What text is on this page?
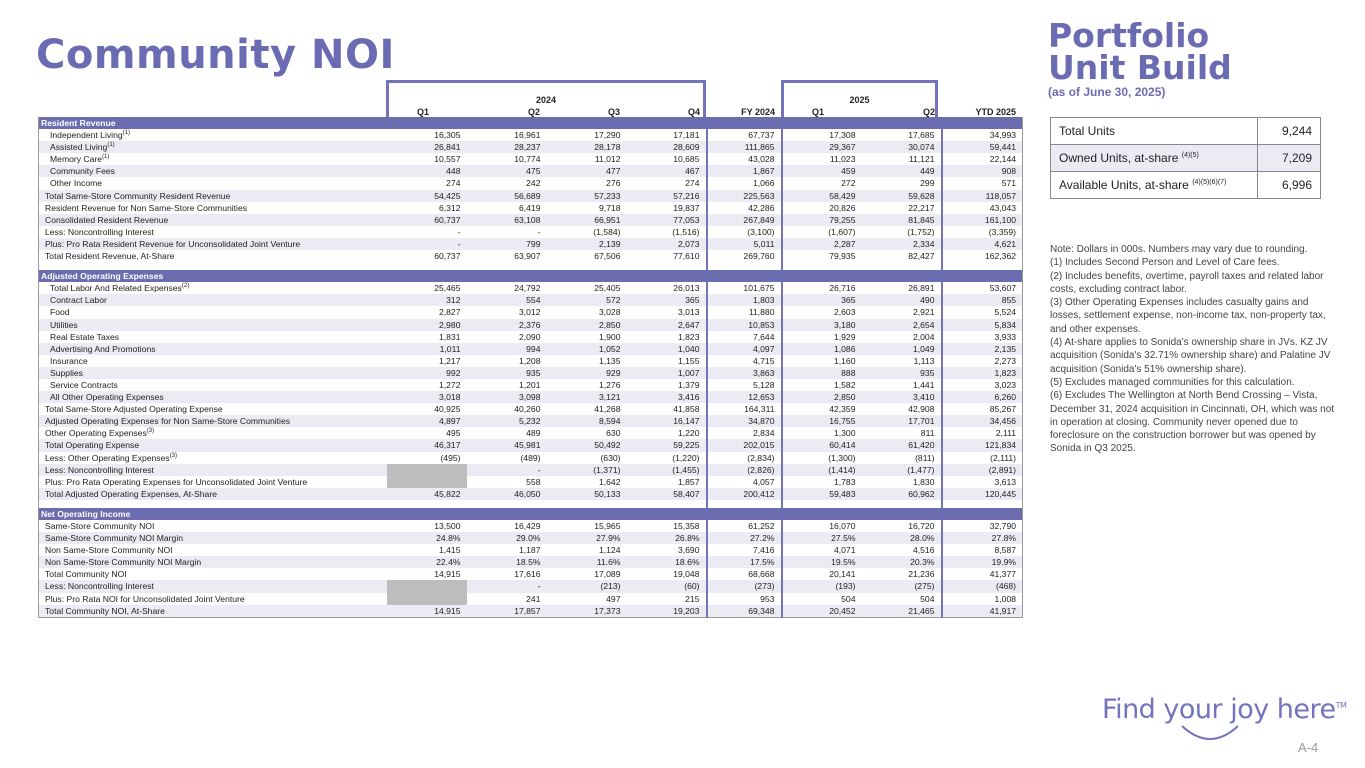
Community NOI
2024	2025
Q1	Q2	Q3	Q4	FY 2024	Q1	Q2	YTD 2025
Resident Revenue								
Independent Living$^{(1)}$	16,305	16,961	17,290	17,181	67,737	17,308	17,685	34,993
Assisted Living$^{(1)}$	26,841	28,237	28,178	28,609	111,865	29,367	30,074	59,441
Memory Care$^{(1)}$	10,557	10,774	11,012	10,685	43,028	11,023	11,121	22,144
Community Fees	448	475	477	467	1,867	459	449	908
Other Income	274	242	276	274	1,066	272	299	571
Total Same-Store Community Resident Revenue	54,425	56,689	57,233	57,216	225,563	58,429	59,628	118,057
Resident Revenue for Non Same-Store Communities	6,312	6,419	9,718	19,837	42,286	20,826	22,217	43,043
Consolidated Resident Revenue	60,737	63,108	66,951	77,053	267,849	79,255	81,845	161,100
Less: Noncontrolling Interest	-	-	(1,584)	(1,516)	(3,100)	(1,607)	(1,752)	(3,359)
Plus: Pro Rata Resident Revenue for Unconsolidated Joint Venture	-	799	2,139	2,073	5,011	2,287	2,334	4,621
Total Resident Revenue, At-Share	60,737	63,907	67,506	77,610	269,760	79,935	82,427	162,362

Adjusted Operating Expenses								
Total Labor And Related Expenses$^{(2)}$	25,465	24,792	25,405	26,013	101,675	26,716	26,891	53,607
Contract Labor	312	554	572	365	1,803	365	490	855
Food	2,827	3,012	3,028	3,013	11,880	2,603	2,921	5,524
Utilities	2,980	2,376	2,850	2,647	10,853	3,180	2,654	5,834
Real Estate Taxes	1,831	2,090	1,900	1,823	7,644	1,929	2,004	3,933
Advertising And Promotions	1,011	994	1,052	1,040	4,097	1,086	1,049	2,135
Insurance	1,217	1,208	1,135	1,155	4,715	1,160	1,113	2,273
Supplies	992	935	929	1,007	3,863	888	935	1,823
Service Contracts	1,272	1,201	1,276	1,379	5,128	1,582	1,441	3,023
All Other Operating Expenses	3,018	3,098	3,121	3,416	12,653	2,850	3,410	6,260
Total Same-Store Adjusted Operating Expense	40,925	40,260	41,268	41,858	164,311	42,359	42,908	85,267
Adjusted Operating Expenses for Non Same-Store Communities	4,897	5,232	8,594	16,147	34,870	16,755	17,701	34,456
Other Operating Expenses$^{(3)}$	495	489	630	1,220	2,834	1,300	811	2,111
Total Operating Expense	46,317	45,981	50,492	59,225	202,015	60,414	61,420	121,834
Less: Other Operating Expenses$^{(3)}$	(495)	(489)	(630)	(1,220)	(2,834)	(1,300)	(811)	(2,111)
Less: Noncontrolling Interest		-	(1,371)	(1,455)	(2,826)	(1,414)	(1,477)	(2,891)
Plus: Pro Rata Operating Expenses for Unconsolidated Joint Venture		558	1,642	1,857	4,057	1,783	1,830	3,613
Total Adjusted Operating Expenses, At-Share	45,822	46,050	50,133	58,407	200,412	59,483	60,962	120,445

Net Operating Income								
Same-Store Community NOI	13,500	16,429	15,965	15,358	61,252	16,070	16,720	32,790
Same-Store Community NOI Margin	24.8%	29.0%	27.9%	26.8%	27.2%	27.5%	28.0%	27.8%
Non Same-Store Community NOI	1,415	1,187	1,124	3,690	7,416	4,071	4,516	8,587
Non Same-Store Community NOI Margin	22.4%	18.5%	11.6%	18.6%	17.5%	19.5%	20.3%	19.9%
Total Community NOI	14,915	17,616	17,089	19,048	68,668	20,141	21,236	41,377
Less: Noncontrolling Interest		-	(213)	(60)	(273)	(193)	(275)	(468)
Plus: Pro Rata NOI for Unconsolidated Joint Venture		241	497	215	953	504	504	1,008
Total Community NOI, At-Share	14,915	17,857	17,373	19,203	69,348	20,452	21,465	41,917
Portfolio
Unit Build
(as of June 30, 2025)
Total Units	9,244
Owned Units, at-share $^{(4)(5)}$	7,209
Available Units, at-share $^{(4)(5)(6)(7)}$	6,996
Note: Dollars in 000s. Numbers may vary due to rounding.
(1) Includes Second Person and Level of Care fees.
(2) Includes benefits, overtime, payroll taxes and related labor costs, excluding contract labor.
(3) Other Operating Expenses includes casualty gains and losses, settlement expense, non-income tax, non-property tax, and other expenses.
(4) At-share applies to Sonida's ownership share in JVs. KZ JV acquisition (Sonida's 32.71% ownership share) and Palatine JV acquisition (Sonida's 51% ownership share).
(5) Excludes managed communities for this calculation.
(6) Excludes The Wellington at North Bend Crossing – Vista, December 31, 2024 acquisition in Cincinnati, OH, which was not in operation at closing. Community never opened due to foreclosure on the construction borrower but was opened by Sonida in Q3 2025.
Find your joy here™
A-4
